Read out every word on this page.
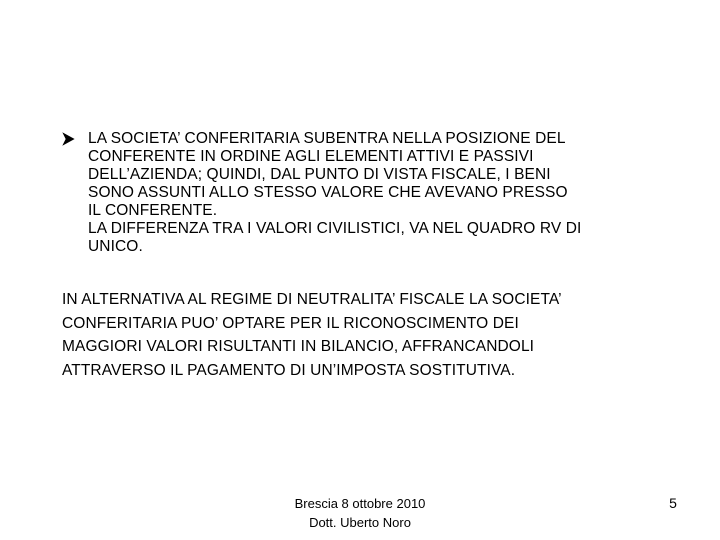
LA SOCIETA’ CONFERITARIA SUBENTRA NELLA POSIZIONE DEL
CONFERENTE IN ORDINE AGLI ELEMENTI ATTIVI E PASSIVI
DELL’AZIENDA; QUINDI, DAL PUNTO DI VISTA FISCALE, I BENI
SONO ASSUNTI ALLO STESSO VALORE CHE AVEVANO PRESSO
IL CONFERENTE.
LA DIFFERENZA TRA I VALORI CIVILISTICI, VA NEL QUADRO RV DI
UNICO.
IN ALTERNATIVA AL REGIME DI NEUTRALITA’ FISCALE LA SOCIETA’
CONFERITARIA PUO’ OPTARE PER IL RICONOSCIMENTO DEI
MAGGIORI VALORI RISULTANTI IN BILANCIO, AFFRANCANDOLI
ATTRAVERSO IL PAGAMENTO DI UN’IMPOSTA SOSTITUTIVA.
Brescia 8 ottobre 2010
Dott. Uberto Noro
5
